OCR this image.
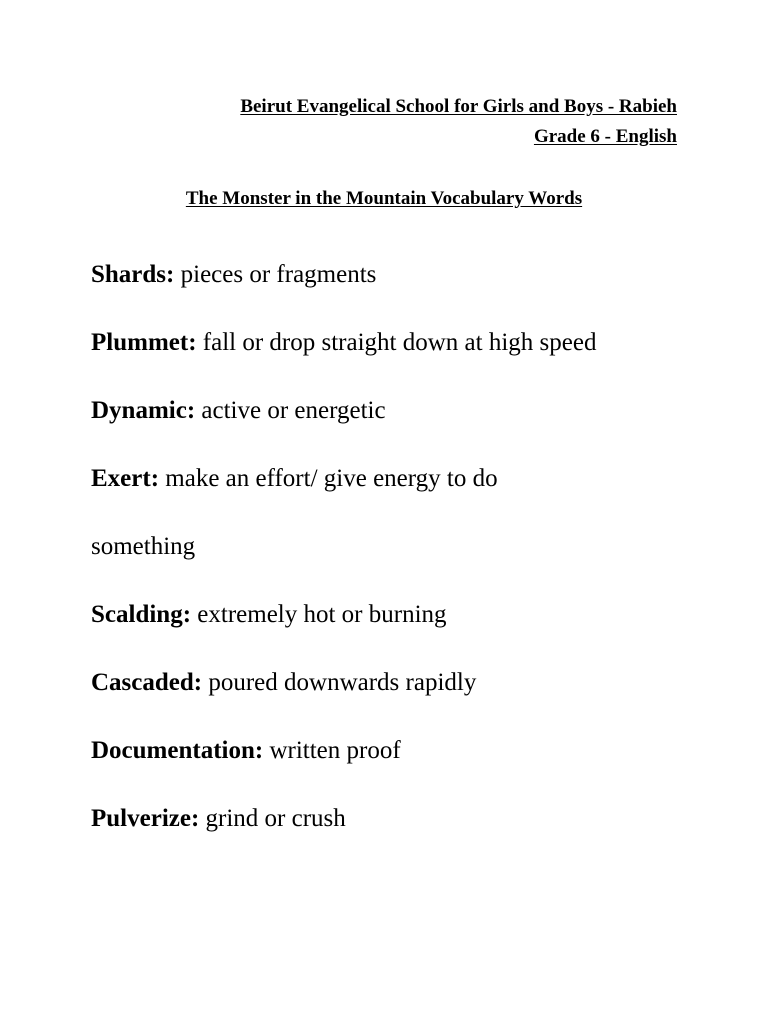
Beirut Evangelical School for Girls and Boys - Rabieh
Grade 6 - English
The Monster in the Mountain Vocabulary Words
Shards: pieces or fragments
Plummet: fall or drop straight down at high speed
Dynamic: active or energetic
Exert: make an effort/ give energy to do
something
Scalding: extremely hot or burning
Cascaded: poured downwards rapidly
Documentation: written proof
Pulverize: grind or crush
